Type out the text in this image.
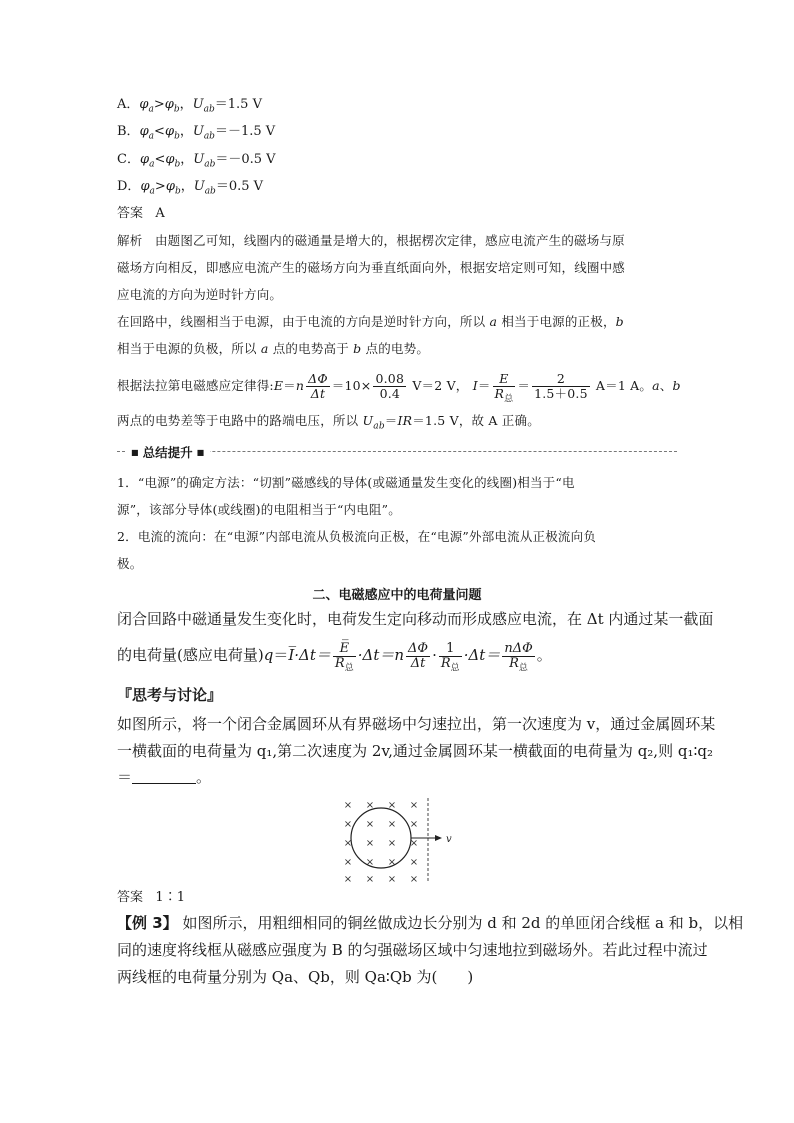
A．$\varphi_a>\varphi_b$，$U_{ab}=1.5$ V
B．$\varphi_a<\varphi_b$，$U_{ab}=-1.5$ V
C．$\varphi_a<\varphi_b$，$U_{ab}=-0.5$ V
D．$\varphi_a>\varphi_b$，$U_{ab}=0.5$ V
答案 A
解析 由题图乙可知，线圈内的磁通量是增大的，根据楞次定律，感应电流产生的磁场与原
磁场方向相反，即感应电流产生的磁场方向为垂直纸面向外，根据安培定则可知，线圈中感
应电流的方向为逆时针方向。
在回路中，线圈相当于电源，由于电流的方向是逆时针方向，所以 a 相当于电源的正极，b
相当于电源的负极，所以 a 点的电势高于 b 点的电势。
根据法拉第电磁感应定律得:E＝n $\frac{\Delta\Phi}{\Delta t} =10\times \frac{0.08}{0.4} V=2$ V， $I= \frac{E}{R_总} = \frac{2}{1.5+0.5} A=1$ A。a、b
两点的电势差等于电路中的路端电压，所以 $U_{ab}=IR=1.5$ V，故 A 正确。
■ 总结提升 ■
1．“电源”的确定方法：“切割”磁感线的导体(或磁通量发生变化的线圈)相当于“电
源”，该部分导体(或线圈)的电阻相当于“内电阻”。
2．电流的流向：在“电源”内部电流从负极流向正极，在“电源”外部电流从正极流向负
极。
二、电磁感应中的电荷量问题
闭合回路中磁通量发生变化时，电荷发生定向移动而形成感应电流，在 Δt 内通过某一截面
的电荷量(感应电荷量)q＝I̅·Δt＝ $\frac{E̅}{R_总} \cdot\Delta t=n \frac{\Delta\Phi}{\Delta t} \cdot \frac{1}{R_总} \cdot\Delta t= \frac{\text{nΔΦ}}{R_总}$ 。
『思考与讨论』
如图所示，将一个闭合金属圆环从有界磁场中匀速拉出，第一次速度为 v，通过金属圆环某
一横截面的电荷量为 q₁,第二次速度为 2v,通过金属圆环某一横截面的电荷量为 q₂,则 q₁∶q₂
＝	。
× × × ×
× × × ×
× × × ×
× × × ×
× × × ×
v
答案 1∶1
【例 3】 如图所示，用粗细相同的铜丝做成边长分别为 d 和 2d 的单匝闭合线框 a 和 b，以相
同的速度将线框从磁感应强度为 B 的匀强磁场区域中匀速地拉到磁场外。若此过程中流过
两线框的电荷量分别为 Qa、Qb，则 Qa∶Qb 为(　　)
